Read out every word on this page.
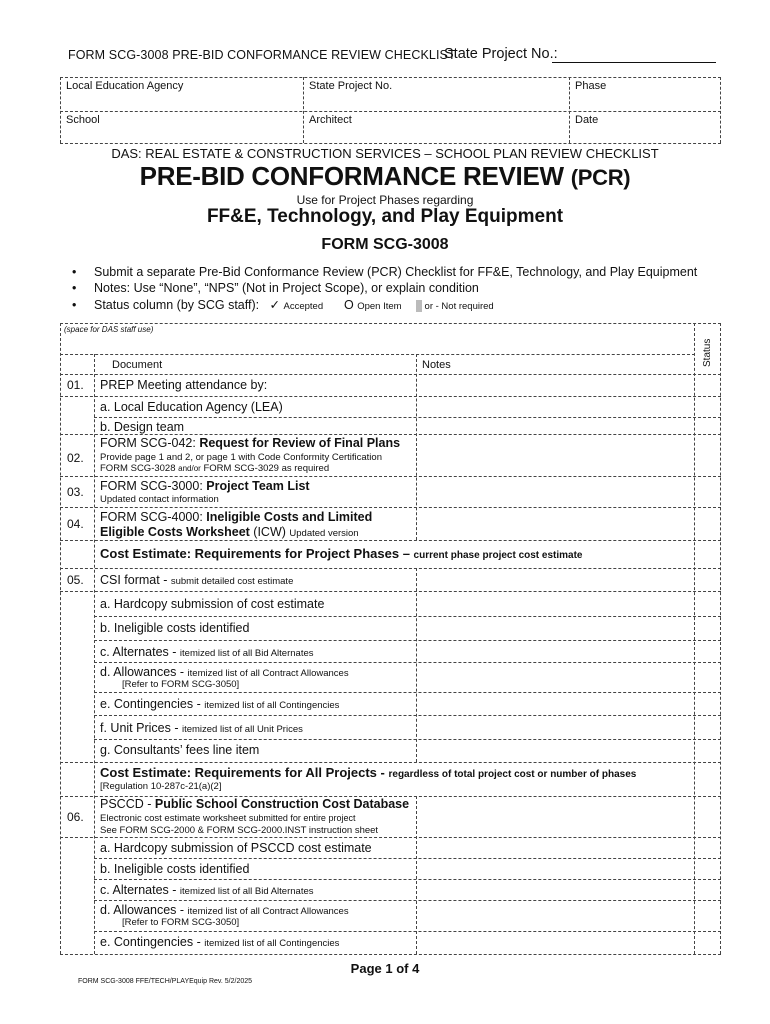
FORM SCG-3008 PRE-BID CONFORMANCE REVIEW CHECKLIST
State Project No.:
Local Education Agency	State Project No.	Phase
School	Architect	Date
DAS: REAL ESTATE & CONSTRUCTION SERVICES – SCHOOL PLAN REVIEW CHECKLIST
PRE-BID CONFORMANCE REVIEW (PCR)
Use for Project Phases regarding
FF&E, Technology, and Play Equipment
FORM SCG-3008
• Submit a separate Pre-Bid Conformance Review (PCR) Checklist for FF&E, Technology, and Play Equipment
• Notes: Use “None”, “NPS” (Not in Project Scope), or explain condition
• Status column (by SCG staff): ✓ Accepted O Open Item or - Not required
(space for DAS staff use)
Status
Document	Notes
01. PREP Meeting attendance by:
a. Local Education Agency (LEA)
b. Design team
02.
FORM SCG-042: Request for Review of Final Plans
Provide page 1 and 2, or page 1 with Code Conformity Certification
FORM SCG-3028 and/or FORM SCG-3029 as required
03. FORM SCG-3000: Project Team List
Updated contact information
04. FORM SCG-4000: Ineligible Costs and Limited
Eligible Costs Worksheet (ICW) Updated version
Cost Estimate: Requirements for Project Phases – current phase project cost estimate
05. CSI format - submit detailed cost estimate
a. Hardcopy submission of cost estimate
b. Ineligible costs identified
c. Alternates - itemized list of all Bid Alternates
d. Allowances - itemized list of all Contract Allowances
[Refer to FORM SCG-3050]
e. Contingencies - itemized list of all Contingencies
f. Unit Prices - itemized list of all Unit Prices
g. Consultants’ fees line item
Cost Estimate: Requirements for All Projects - regardless of total project cost or number of phases
[Regulation 10-287c-21(a)(2]
06.
PSCCD - Public School Construction Cost Database
Electronic cost estimate worksheet submitted for entire project
See FORM SCG-2000 & FORM SCG-2000.INST instruction sheet
a. Hardcopy submission of PSCCD cost estimate
b. Ineligible costs identified
c. Alternates - itemized list of all Bid Alternates
d. Allowances - itemized list of all Contract Allowances
[Refer to FORM SCG-3050]
e. Contingencies - itemized list of all Contingencies
Page 1 of 4
FORM SCG-3008 FFE/TECH/PLAYEquip Rev. 5/2/2025
